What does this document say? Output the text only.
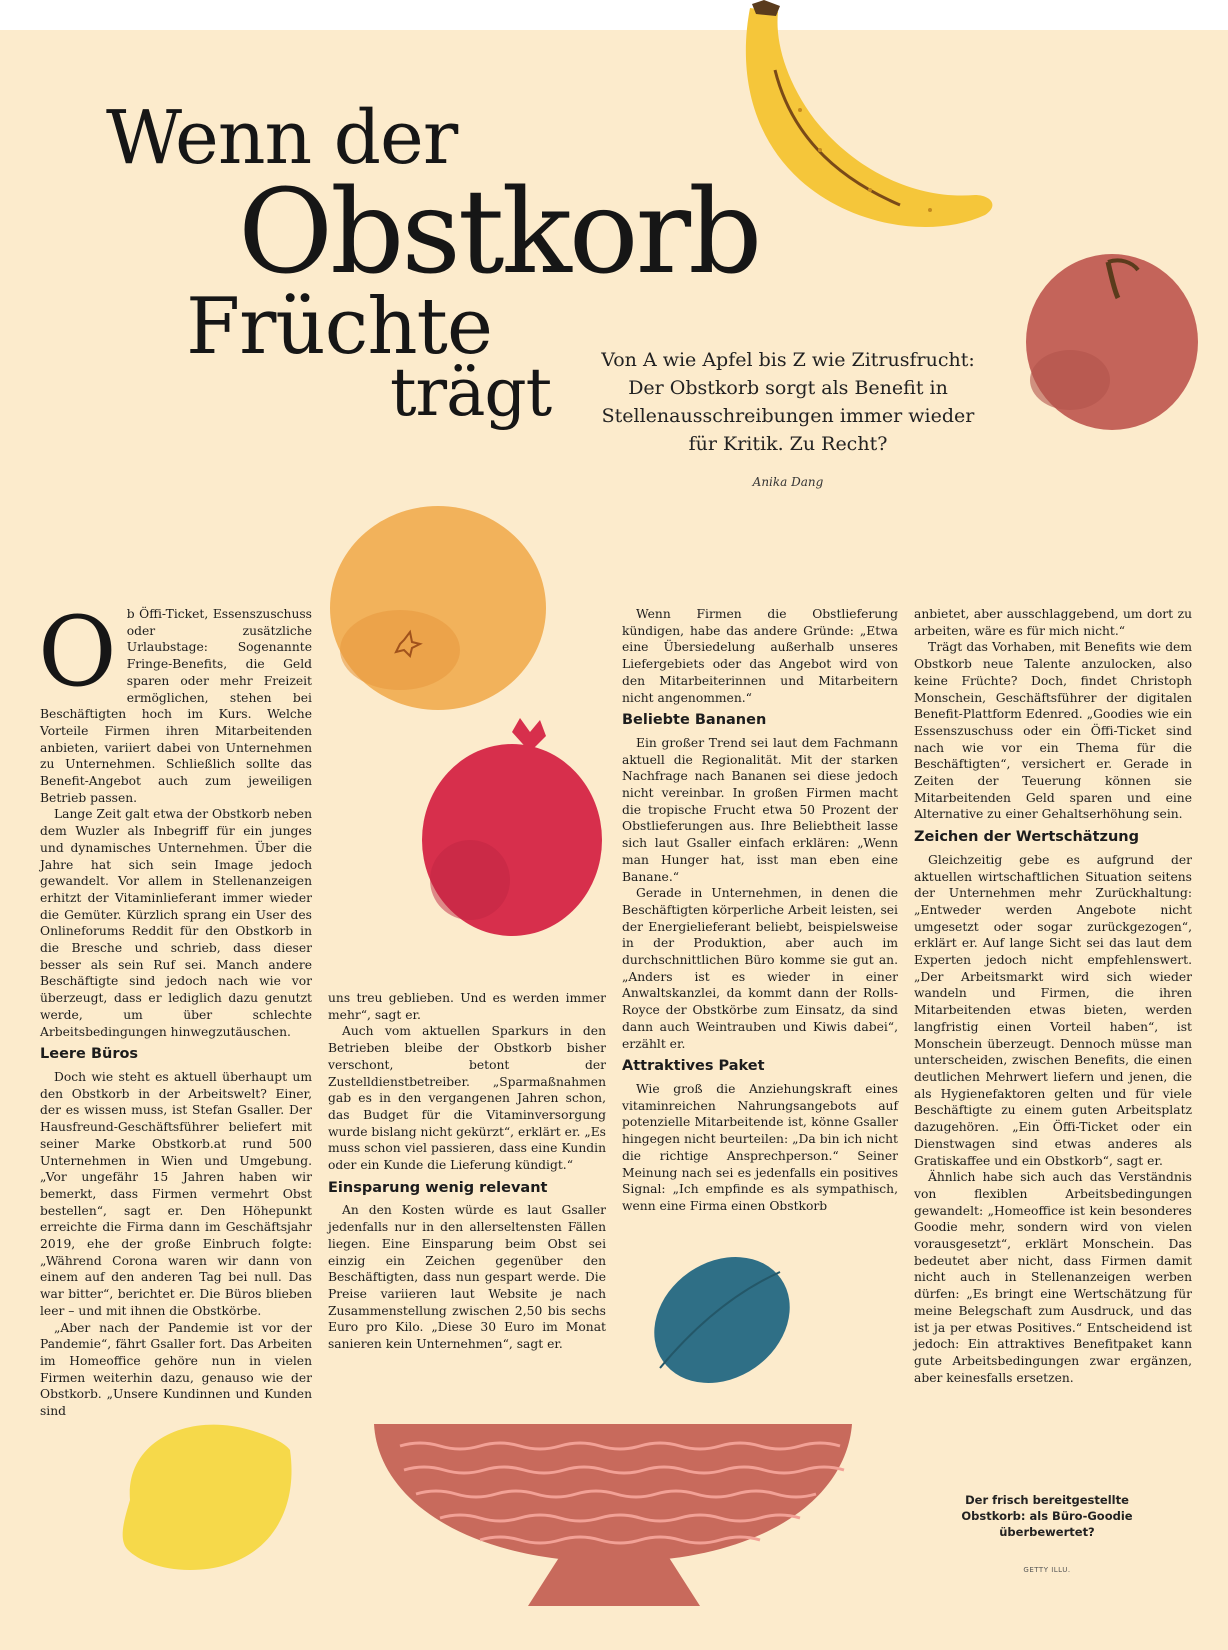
Wenn der
Obstkorb
Früchte
trägt	Von A wie Apfel bis Z wie Zitrusfrucht: Der Obstkorb sorgt als Benefit in Stellenausschreibungen immer wieder für Kritik. Zu Recht?
Anika Dang
O b Öffi-Ticket, Essenszuschuss oder zusätzliche Urlaubstage: Sogenannte Fringe-Benefits, die Geld sparen oder mehr Freizeit ermöglichen, stehen bei Beschäftigten hoch im Kurs. Welche Vorteile Firmen ihren Mitarbeitenden anbieten, variiert dabei von Unternehmen zu Unternehmen. Schließlich sollte das Benefit-Angebot auch zum jeweiligen Betrieb passen.

Lange Zeit galt etwa der Obstkorb neben dem Wuzler als Inbegriff für ein junges und dynamisches Unternehmen. Über die Jahre hat sich sein Image jedoch gewandelt. Vor allem in Stellenanzeigen erhitzt der Vitaminlieferant immer wieder die Gemüter. Kürzlich sprang ein User des Onlineforums Reddit für den Obstkorb in die Bresche und schrieb, dass dieser besser als sein Ruf sei. Manch andere Beschäftigte sind jedoch nach wie vor überzeugt, dass er lediglich dazu genutzt werde, um über schlechte Arbeitsbedingungen hinwegzutäuschen.

Leere Büros

Doch wie steht es aktuell überhaupt um den Obstkorb in der Arbeitswelt? Einer, der es wissen muss, ist Stefan Gsaller. Der Hausfreund-Geschäftsführer beliefert mit seiner Marke Obstkorb.at rund 500 Unternehmen in Wien und Umgebung. „Vor ungefähr 15 Jahren haben wir bemerkt, dass Firmen vermehrt Obst bestellen“, sagt er. Den Höhepunkt erreichte die Firma dann im Geschäftsjahr 2019, ehe der große Einbruch folgte: „Während Corona waren wir dann von einem auf den anderen Tag bei null. Das war bitter“, berichtet er. Die Büros blieben leer – und mit ihnen die Obstkörbe.

„Aber nach der Pandemie ist vor der Pandemie“, fährt Gsaller fort. Das Arbeiten im Homeoffice gehöre nun in vielen Firmen weiterhin dazu, genauso wie der Obstkorb. „Unsere Kundinnen und Kunden sind

uns treu geblieben. Und es werden immer mehr“, sagt er.

Auch vom aktuellen Sparkurs in den Betrieben bleibe der Obstkorb bisher verschont, betont der Zustelldienstbetreiber. „Sparmaßnahmen gab es in den vergangenen Jahren schon, das Budget für die Vitaminversorgung wurde bislang nicht gekürzt“, erklärt er. „Es muss schon viel passieren, dass eine Kundin oder ein Kunde die Lieferung kündigt.“

Einsparung wenig relevant

An den Kosten würde es laut Gsaller jedenfalls nur in den allerseltensten Fällen liegen. Eine Einsparung beim Obst sei einzig ein Zeichen gegenüber den Beschäftigten, dass nun gespart werde. Die Preise variieren laut Website je nach Zusammenstellung zwischen 2,50 bis sechs Euro pro Kilo. „Diese 30 Euro im Monat sanieren kein Unternehmen“, sagt er.

Wenn Firmen die Obstlieferung kündigen, habe das andere Gründe: „Etwa eine Übersiedelung außerhalb unseres Liefergebiets oder das Angebot wird von den Mitarbeiterinnen und Mitarbeitern nicht angenommen.“

Beliebte Bananen

Ein großer Trend sei laut dem Fachmann aktuell die Regionalität. Mit der starken Nachfrage nach Bananen sei diese jedoch nicht vereinbar. In großen Firmen macht die tropische Frucht etwa 50 Prozent der Obstlieferungen aus. Ihre Beliebtheit lasse sich laut Gsaller einfach erklären: „Wenn man Hunger hat, isst man eben eine Banane.“

Gerade in Unternehmen, in denen die Beschäftigten körperliche Arbeit leisten, sei der Energielieferant beliebt, beispielsweise in der Produktion, aber auch im durchschnittlichen Büro komme sie gut an. „Anders ist es wieder in einer Anwaltskanzlei, da kommt dann der Rolls-Royce der Obstkörbe zum Einsatz, da sind dann auch Weintrauben und Kiwis dabei“, erzählt er.

Attraktives Paket

Wie groß die Anziehungskraft eines vitaminreichen Nahrungsangebots auf potenzielle Mitarbeitende ist, könne Gsaller hingegen nicht beurteilen: „Da bin ich nicht die richtige Ansprechperson.“ Seiner Meinung nach sei es jedenfalls ein positives Signal: „Ich empfinde es als sympathisch, wenn eine Firma einen Obstkorb

anbietet, aber ausschlaggebend, um dort zu arbeiten, wäre es für mich nicht.“

Trägt das Vorhaben, mit Benefits wie dem Obstkorb neue Talente anzulocken, also keine Früchte? Doch, findet Christoph Monschein, Geschäftsführer der digitalen Benefit-Plattform Edenred. „Goodies wie ein Essenszuschuss oder ein Öffi-Ticket sind nach wie vor ein Thema für die Beschäftigten“, versichert er. Gerade in Zeiten der Teuerung können sie Mitarbeitenden Geld sparen und eine Alternative zu einer Gehaltserhöhung sein.

Zeichen der Wertschätzung

Gleichzeitig gebe es aufgrund der aktuellen wirtschaftlichen Situation seitens der Unternehmen mehr Zurückhaltung: „Entweder werden Angebote nicht umgesetzt oder sogar zurückgezogen“, erklärt er. Auf lange Sicht sei das laut dem Experten jedoch nicht empfehlenswert. „Der Arbeitsmarkt wird sich wieder wandeln und Firmen, die ihren Mitarbeitenden etwas bieten, werden langfristig einen Vorteil haben“, ist Monschein überzeugt. Dennoch müsse man unterscheiden, zwischen Benefits, die einen deutlichen Mehrwert liefern und jenen, die als Hygienefaktoren gelten und für viele Beschäftigte zu einem guten Arbeitsplatz dazugehören. „Ein Öffi-Ticket oder ein Dienstwagen sind etwas anderes als Gratiskaffee und ein Obstkorb“, sagt er.

Ähnlich habe sich auch das Verständnis von flexiblen Arbeitsbedingungen gewandelt: „Homeoffice ist kein besonderes Goodie mehr, sondern wird von vielen vorausgesetzt“, erklärt Monschein. Das bedeutet aber nicht, dass Firmen damit nicht auch in Stellenanzeigen werben dürfen: „Es bringt eine Wertschätzung für meine Belegschaft zum Ausdruck, und das ist ja per etwas Positives.“ Entscheidend ist jedoch: Ein attraktives Benefitpaket kann gute Arbeitsbedingungen zwar ergänzen, aber keinesfalls ersetzen.

Der frisch bereitgestellte Obstkorb: als Büro-Goodie überbewertet?
GETTY ILLU.
